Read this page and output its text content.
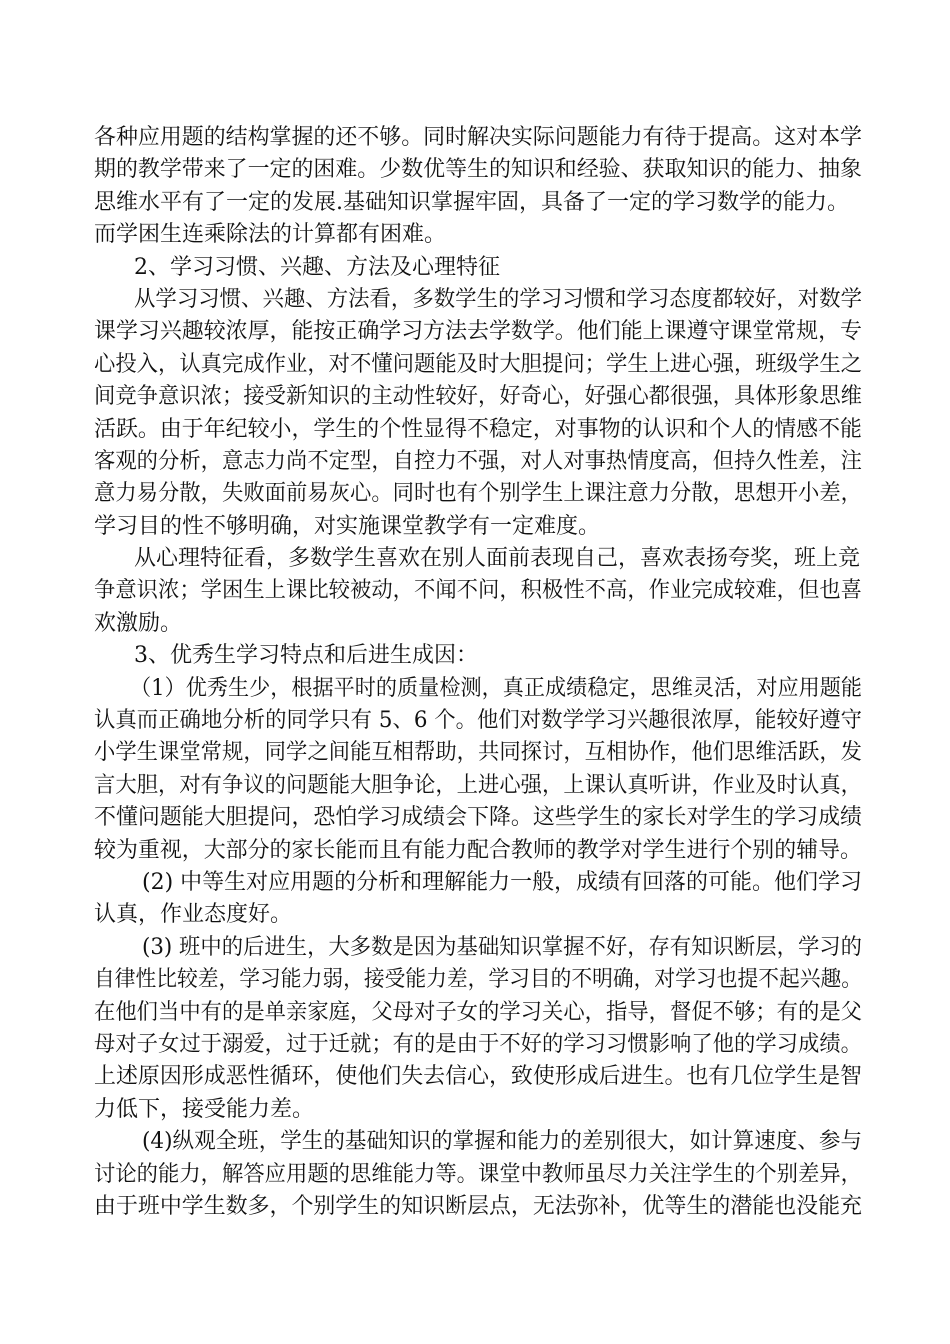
各种应用题的结构掌握的还不够。同时解决实际问题能力有待于提高。这对本学
期的教学带来了一定的困难。少数优等生的知识和经验、获取知识的能力、抽象
思维水平有了一定的发展.基础知识掌握牢固，具备了一定的学习数学的能力。
而学困生连乘除法的计算都有困难。
2、学习习惯、兴趣、方法及心理特征
从学习习惯、兴趣、方法看，多数学生的学习习惯和学习态度都较好，对数学
课学习兴趣较浓厚，能按正确学习方法去学数学。他们能上课遵守课堂常规，专
心投入，认真完成作业，对不懂问题能及时大胆提问；学生上进心强，班级学生之
间竞争意识浓；接受新知识的主动性较好，好奇心，好强心都很强，具体形象思维
活跃。由于年纪较小，学生的个性显得不稳定，对事物的认识和个人的情感不能
客观的分析，意志力尚不定型，自控力不强，对人对事热情度高，但持久性差，注
意力易分散，失败面前易灰心。同时也有个别学生上课注意力分散，思想开小差，
学习目的性不够明确，对实施课堂教学有一定难度。
从心理特征看，多数学生喜欢在别人面前表现自己，喜欢表扬夸奖，班上竞
争意识浓；学困生上课比较被动，不闻不问，积极性不高，作业完成较难，但也喜
欢激励。
3、优秀生学习特点和后进生成因：
（1）优秀生少，根据平时的质量检测，真正成绩稳定，思维灵活，对应用题能
认真而正确地分析的同学只有 5、6 个。他们对数学学习兴趣很浓厚，能较好遵守
小学生课堂常规，同学之间能互相帮助，共同探讨，互相协作，他们思维活跃，发
言大胆，对有争议的问题能大胆争论，上进心强，上课认真听讲，作业及时认真，
不懂问题能大胆提问，恐怕学习成绩会下降。这些学生的家长对学生的学习成绩
较为重视，大部分的家长能而且有能力配合教师的教学对学生进行个别的辅导。
(2) 中等生对应用题的分析和理解能力一般，成绩有回落的可能。他们学习
认真，作业态度好。
(3) 班中的后进生，大多数是因为基础知识掌握不好，存有知识断层，学习的
自律性比较差，学习能力弱，接受能力差，学习目的不明确，对学习也提不起兴趣。
在他们当中有的是单亲家庭，父母对子女的学习关心，指导，督促不够；有的是父
母对子女过于溺爱，过于迁就；有的是由于不好的学习习惯影响了他的学习成绩。
上述原因形成恶性循环，使他们失去信心，致使形成后进生。也有几位学生是智
力低下，接受能力差。
(4)纵观全班，学生的基础知识的掌握和能力的差别很大，如计算速度、参与
讨论的能力，解答应用题的思维能力等。课堂中教师虽尽力关注学生的个别差异，
由于班中学生数多，个别学生的知识断层点，无法弥补，优等生的潜能也没能充
